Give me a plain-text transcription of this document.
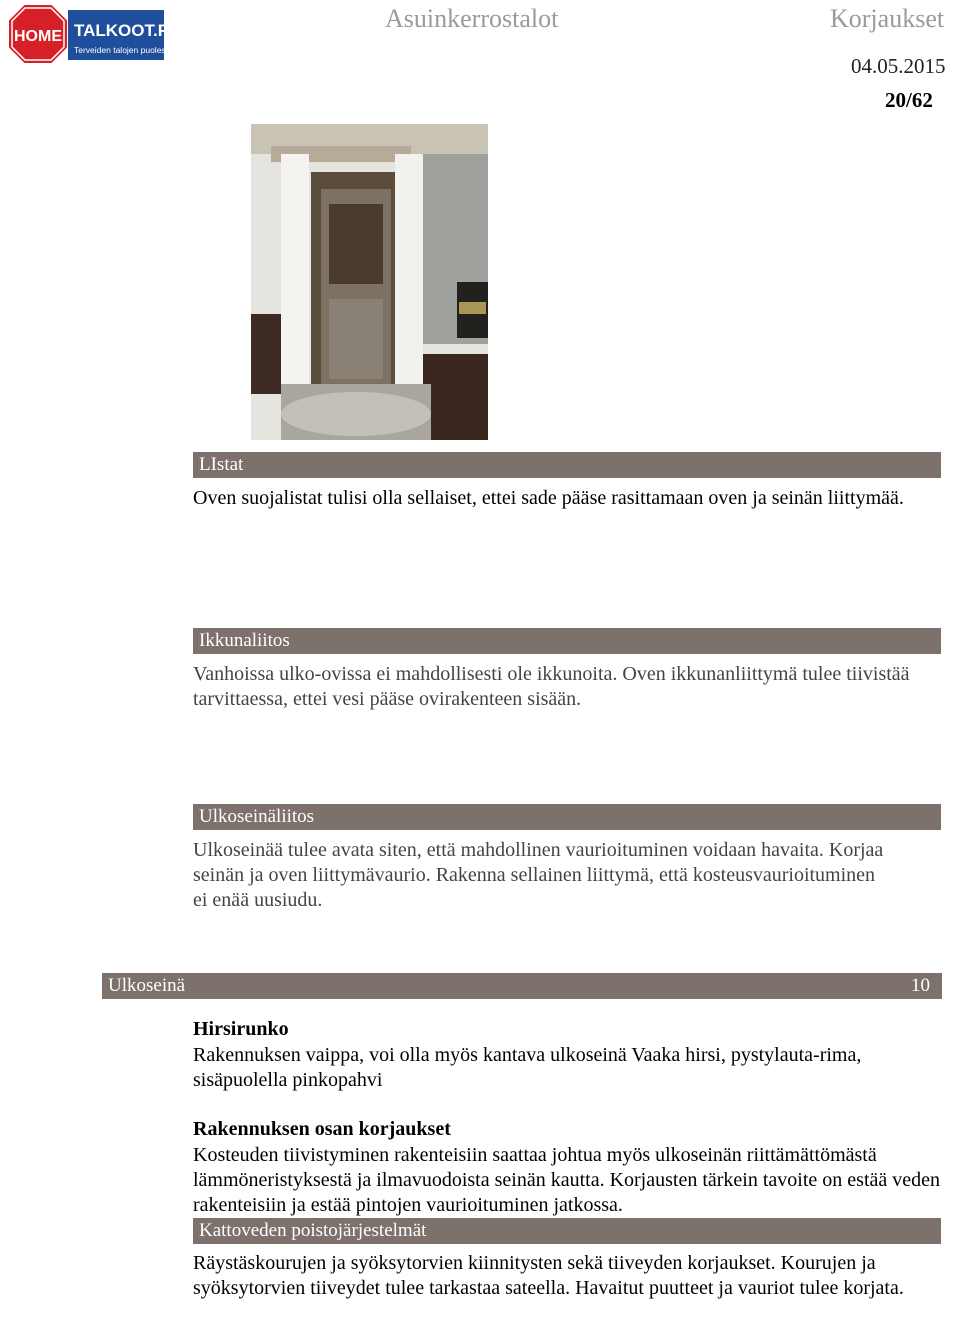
HOME TALKOOT.FI
Terveiden talojen puolesta
Asuinkerrostalot	Korjaukset
04.05.2015
20/62
LIstat
Oven suojalistat tulisi olla sellaiset, ettei sade pääse rasittamaan oven ja seinän liittymää.
Ikkunaliitos
Vanhoissa ulko-ovissa ei mahdollisesti ole ikkunoita. Oven ikkunanliittymä tulee tiivistää tarvittaessa, ettei vesi pääse ovirakenteen sisään.
Ulkoseinäliitos
Ulkoseinää tulee avata siten, että mahdollinen vaurioituminen voidaan havaita. Korjaa seinän ja oven liittymävaurio. Rakenna sellainen liittymä, että kosteusvaurioituminen ei enää uusiudu.
Ulkoseinä	10
Hirsirunko
Rakennuksen vaippa, voi olla myös kantava ulkoseinä Vaaka hirsi, pystylauta-rima, sisäpuolella pinkopahvi
Rakennuksen osan korjaukset
Kosteuden tiivistyminen rakenteisiin saattaa johtua myös ulkoseinän riittämättömästä lämmöneristyksestä ja ilmavuodoista seinän kautta. Korjausten tärkein tavoite on estää veden rakenteisiin ja estää pintojen vaurioituminen jatkossa.
Kattoveden poistojärjestelmät
Räystäskourujen ja syöksytorvien kiinnitysten sekä tiiveyden korjaukset. Kourujen ja syöksytorvien tiiveydet tulee tarkastaa sateella. Havaitut puutteet ja vauriot tulee korjata.
